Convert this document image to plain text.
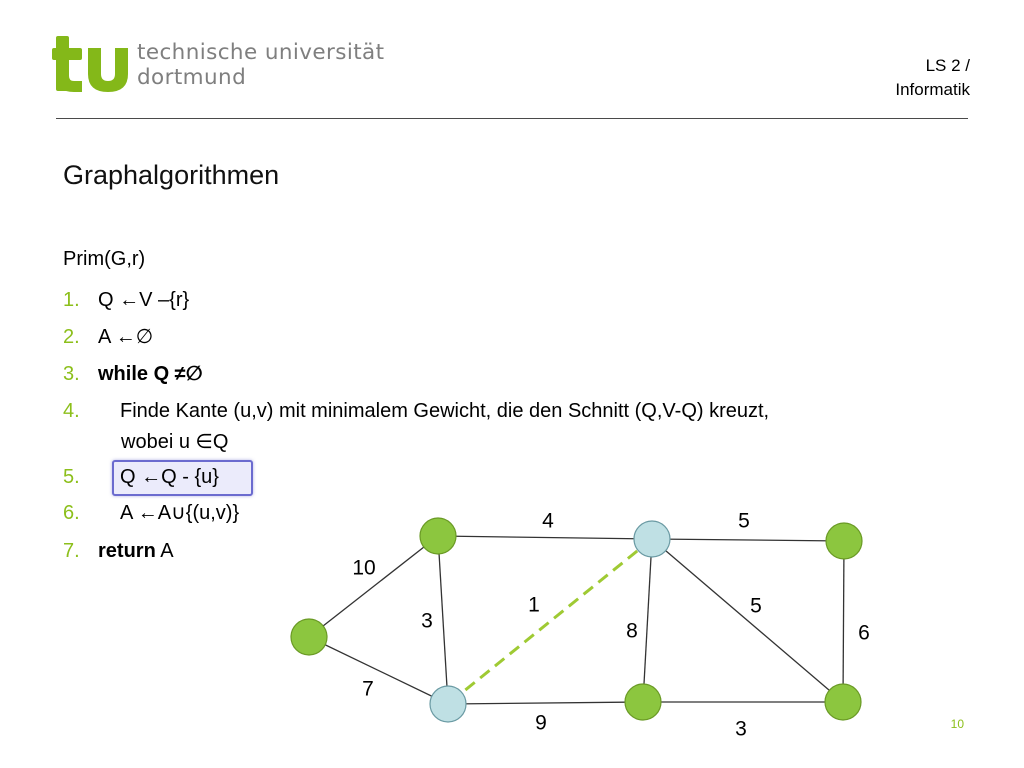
technische universität
dortmund	LS 2 /
Informatik
Graphalgorithmen
Prim(G,r)
1. Q ←V –{r}
2. A ←∅
3. while Q ≠∅
4. Finde Kante (u,v) mit minimalem Gewicht, die den Schnitt (Q,V-Q) kreuzt,
wobei u ∈Q
5. Q ←Q - {u}
6. A ←A∪{(u,v)}
7. return A
10
7
4
3
5
1
8
5
6
9	3	10
